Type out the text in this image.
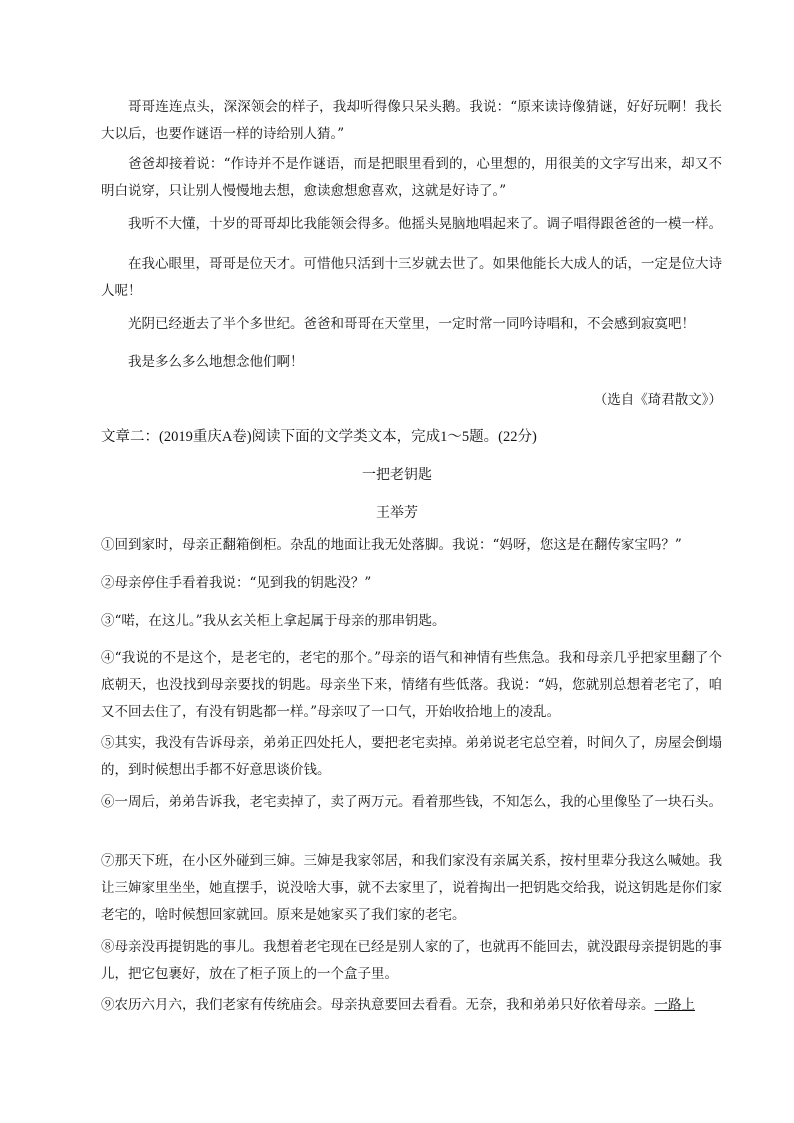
哥哥连连点头，深深领会的样子，我却听得像只呆头鹅。我说：“原来读诗像猜谜，好好玩啊！我长大以后，也要作谜语一样的诗给别人猜。”
爸爸却接着说：“作诗并不是作谜语，而是把眼里看到的，心里想的，用很美的文字写出来，却又不明白说穿，只让别人慢慢地去想，愈读愈想愈喜欢，这就是好诗了。”
我听不大懂，十岁的哥哥却比我能领会得多。他摇头晃脑地唱起来了。调子唱得跟爸爸的一模一样。
在我心眼里，哥哥是位天才。可惜他只活到十三岁就去世了。如果他能长大成人的话，一定是位大诗人呢！
光阴已经逝去了半个多世纪。爸爸和哥哥在天堂里，一定时常一同吟诗唱和，不会感到寂寞吧！
我是多么多么地想念他们啊！
（选自《琦君散文》）
文章二：(2019重庆A卷)阅读下面的文学类文本，完成1～5题。(22分)
一把老钥匙
王举芳
①回到家时，母亲正翻箱倒柜。杂乱的地面让我无处落脚。我说：“妈呀，您这是在翻传家宝吗？”
②母亲停住手看着我说：“见到我的钥匙没？”
③“喏，在这儿。”我从玄关柜上拿起属于母亲的那串钥匙。
④“我说的不是这个，是老宅的，老宅的那个。”母亲的语气和神情有些焦急。我和母亲几乎把家里翻了个底朝天，也没找到母亲要找的钥匙。母亲坐下来，情绪有些低落。我说：“妈，您就别总想着老宅了，咱又不回去住了，有没有钥匙都一样。”母亲叹了一口气，开始收拾地上的凌乱。
⑤其实，我没有告诉母亲，弟弟正四处托人，要把老宅卖掉。弟弟说老宅总空着，时间久了，房屋会倒塌的，到时候想出手都不好意思谈价钱。
⑥一周后，弟弟告诉我，老宅卖掉了，卖了两万元。看着那些钱，不知怎么，我的心里像坠了一块石头。
⑦那天下班，在小区外碰到三婶。三婶是我家邻居，和我们家没有亲属关系，按村里辈分我这么喊她。我让三婶家里坐坐，她直摆手，说没啥大事，就不去家里了，说着掏出一把钥匙交给我，说这钥匙是你们家老宅的，啥时候想回家就回。原来是她家买了我们家的老宅。
⑧母亲没再提钥匙的事儿。我想着老宅现在已经是别人家的了，也就再不能回去，就没跟母亲提钥匙的事儿，把它包裹好，放在了柜子顶上的一个盒子里。
⑨农历六月六，我们老家有传统庙会。母亲执意要回去看看。无奈，我和弟弟只好依着母亲。一路上
